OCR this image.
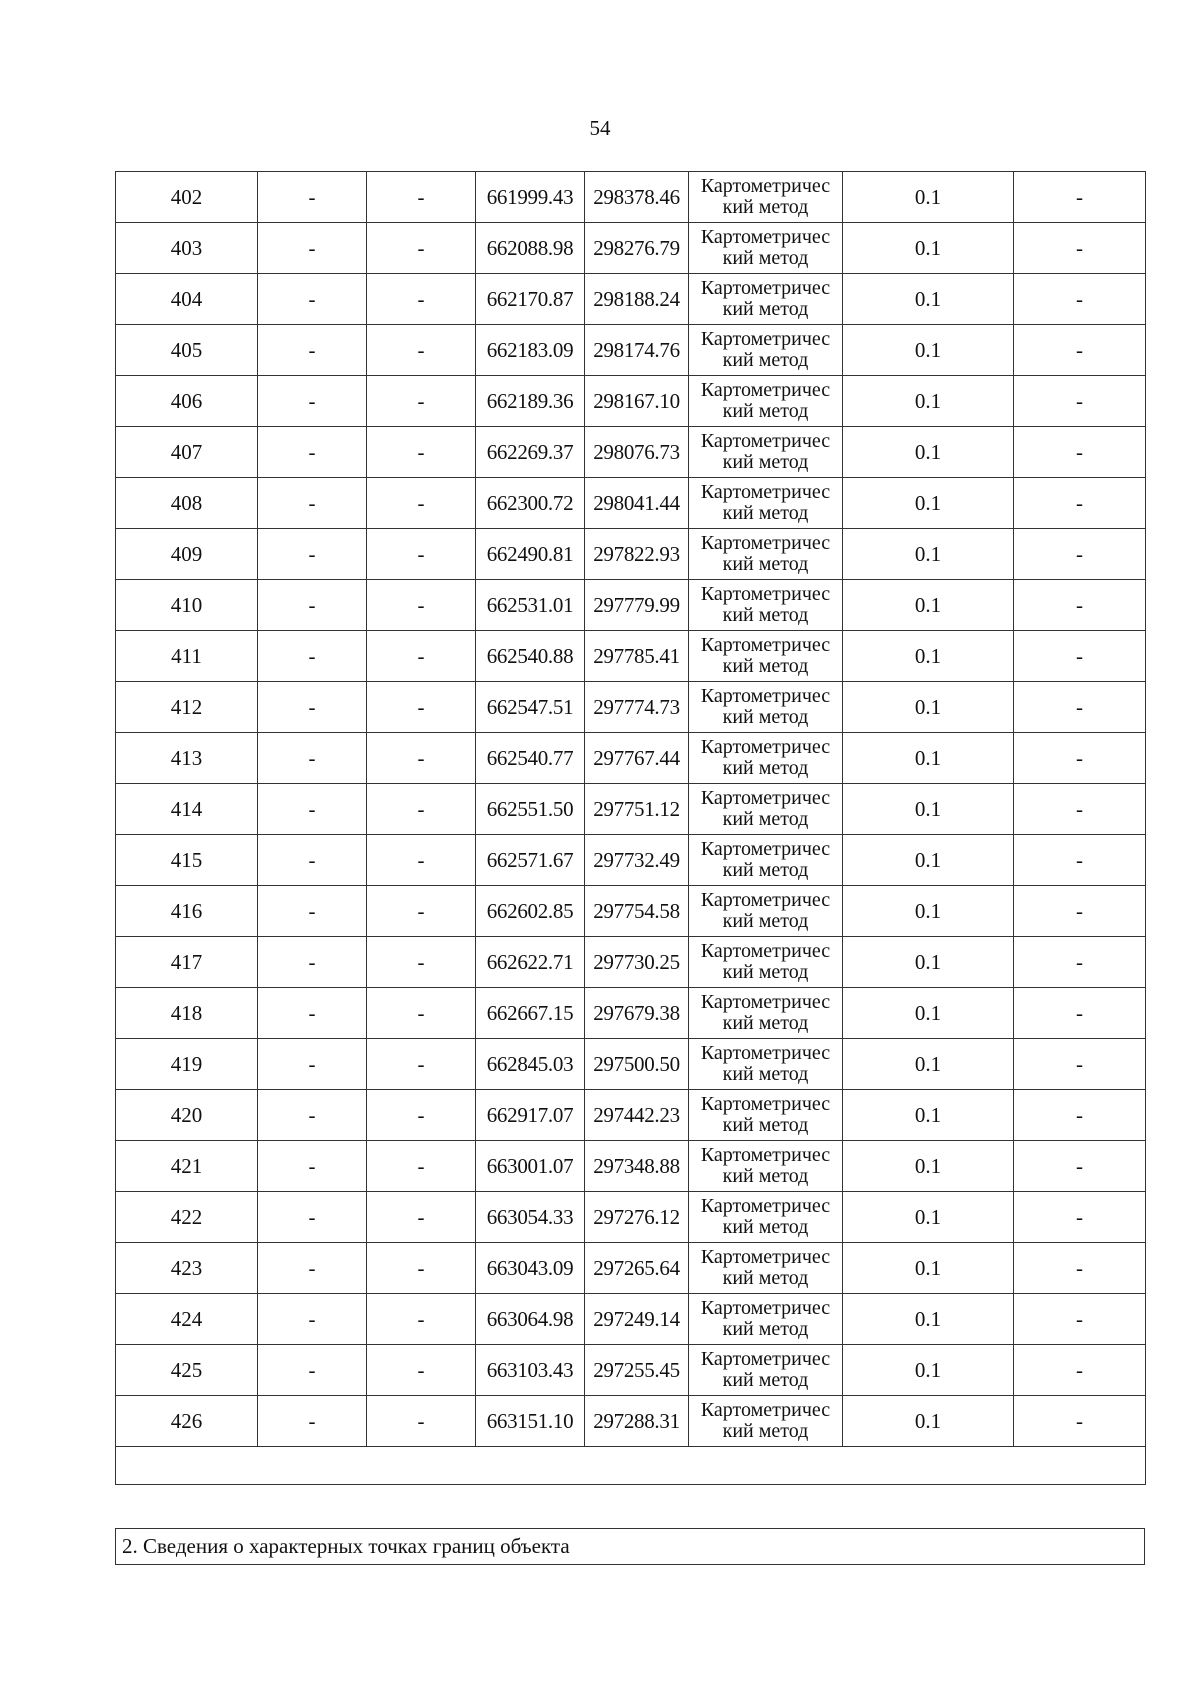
54
402	-	-	661999.43	298378.46	Картометричес
кий метод	0.1	-
403	-	-	662088.98	298276.79	Картометричес
кий метод	0.1	-
404	-	-	662170.87	298188.24	Картометричес
кий метод	0.1	-
405	-	-	662183.09	298174.76	Картометричес
кий метод	0.1	-
406	-	-	662189.36	298167.10	Картометричес
кий метод	0.1	-
407	-	-	662269.37	298076.73	Картометричес
кий метод	0.1	-
408	-	-	662300.72	298041.44	Картометричес
кий метод	0.1	-
409	-	-	662490.81	297822.93	Картометричес
кий метод	0.1	-
410	-	-	662531.01	297779.99	Картометричес
кий метод	0.1	-
411	-	-	662540.88	297785.41	Картометричес
кий метод	0.1	-
412	-	-	662547.51	297774.73	Картометричес
кий метод	0.1	-
413	-	-	662540.77	297767.44	Картометричес
кий метод	0.1	-
414	-	-	662551.50	297751.12	Картометричес
кий метод	0.1	-
415	-	-	662571.67	297732.49	Картометричес
кий метод	0.1	-
416	-	-	662602.85	297754.58	Картометричес
кий метод	0.1	-
417	-	-	662622.71	297730.25	Картометричес
кий метод	0.1	-
418	-	-	662667.15	297679.38	Картометричес
кий метод	0.1	-
419	-	-	662845.03	297500.50	Картометричес
кий метод	0.1	-
420	-	-	662917.07	297442.23	Картометричес
кий метод	0.1	-
421	-	-	663001.07	297348.88	Картометричес
кий метод	0.1	-
422	-	-	663054.33	297276.12	Картометричес
кий метод	0.1	-
423	-	-	663043.09	297265.64	Картометричес
кий метод	0.1	-
424	-	-	663064.98	297249.14	Картометричес
кий метод	0.1	-
425	-	-	663103.43	297255.45	Картометричес
кий метод	0.1	-
426	-	-	663151.10	297288.31	Картометричес
кий метод	0.1	-

2. Сведения о характерных точках границ объекта
